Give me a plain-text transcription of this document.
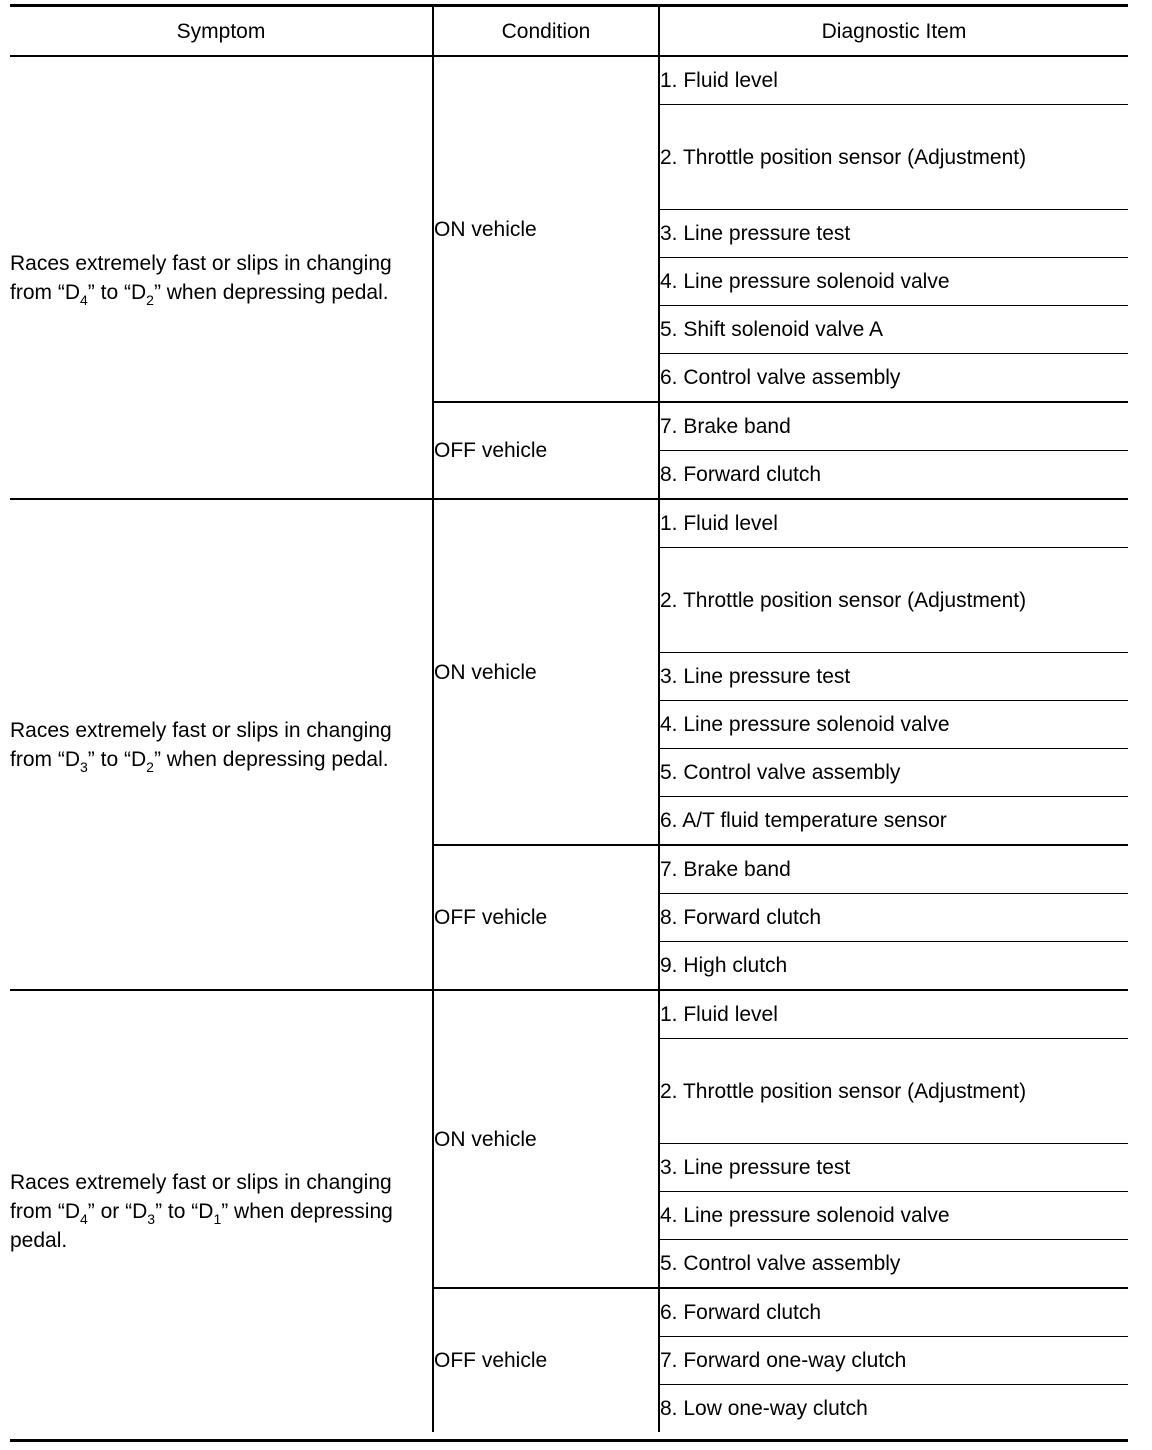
Symptom	Condition	Diagnostic Item
Races extremely fast or slips in changing from “$D_4$” to “$D_2$” when depressing pedal.	ON vehicle	1. Fluid level
		2. Throttle position sensor (Adjustment)
		3. Line pressure test
		4. Line pressure solenoid valve
		5. Shift solenoid valve A
		6. Control valve assembly
	OFF vehicle	7. Brake band
		8. Forward clutch
Races extremely fast or slips in changing from “$D_3$” to “$D_2$” when depressing pedal.	ON vehicle	1. Fluid level
		2. Throttle position sensor (Adjustment)
		3. Line pressure test
		4. Line pressure solenoid valve
		5. Control valve assembly
		6. A/T fluid temperature sensor
	OFF vehicle	7. Brake band
		8. Forward clutch
		9. High clutch
Races extremely fast or slips in changing from “$D_4$” or “$D_3$” to “$D_1$” when depressing pedal.	ON vehicle	1. Fluid level
		2. Throttle position sensor (Adjustment)
		3. Line pressure test
		4. Line pressure solenoid valve
		5. Control valve assembly
	OFF vehicle	6. Forward clutch
		7. Forward one-way clutch
		8. Low one-way clutch
